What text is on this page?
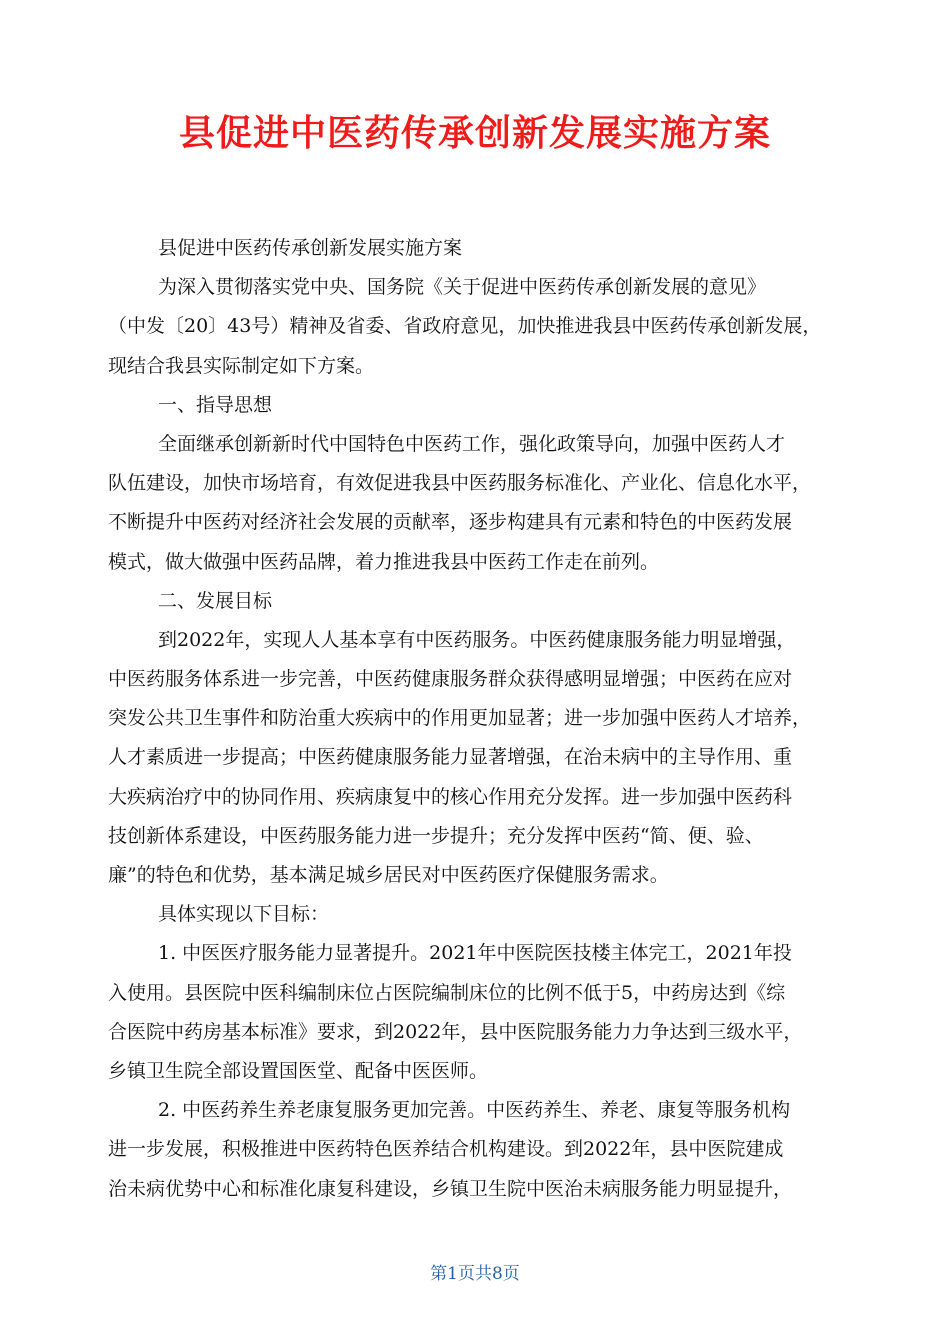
县促进中医药传承创新发展实施方案
县促进中医药传承创新发展实施方案
为深入贯彻落实党中央、国务院《关于促进中医药传承创新发展的意见》
（中发〔20〕43号）精神及省委、省政府意见，加快推进我县中医药传承创新发展，
现结合我县实际制定如下方案。
一、指导思想
全面继承创新新时代中国特色中医药工作，强化政策导向，加强中医药人才
队伍建设，加快市场培育，有效促进我县中医药服务标准化、产业化、信息化水平，
不断提升中医药对经济社会发展的贡献率，逐步构建具有元素和特色的中医药发展
模式，做大做强中医药品牌，着力推进我县中医药工作走在前列。
二、发展目标
到2022年，实现人人基本享有中医药服务。中医药健康服务能力明显增强，
中医药服务体系进一步完善，中医药健康服务群众获得感明显增强；中医药在应对
突发公共卫生事件和防治重大疾病中的作用更加显著；进一步加强中医药人才培养，
人才素质进一步提高；中医药健康服务能力显著增强，在治未病中的主导作用、重
大疾病治疗中的协同作用、疾病康复中的核心作用充分发挥。进一步加强中医药科
技创新体系建设，中医药服务能力进一步提升；充分发挥中医药“简、便、验、
廉”的特色和优势，基本满足城乡居民对中医药医疗保健服务需求。
具体实现以下目标：
1. 中医医疗服务能力显著提升。2021年中医院医技楼主体完工，2021年投
入使用。县医院中医科编制床位占医院编制床位的比例不低于5，中药房达到《综
合医院中药房基本标准》要求，到2022年，县中医院服务能力力争达到三级水平，
乡镇卫生院全部设置国医堂、配备中医医师。
2. 中医药养生养老康复服务更加完善。中医药养生、养老、康复等服务机构
进一步发展，积极推进中医药特色医养结合机构建设。到2022年，县中医院建成
治未病优势中心和标准化康复科建设，乡镇卫生院中医治未病服务能力明显提升，
第1页共8页
